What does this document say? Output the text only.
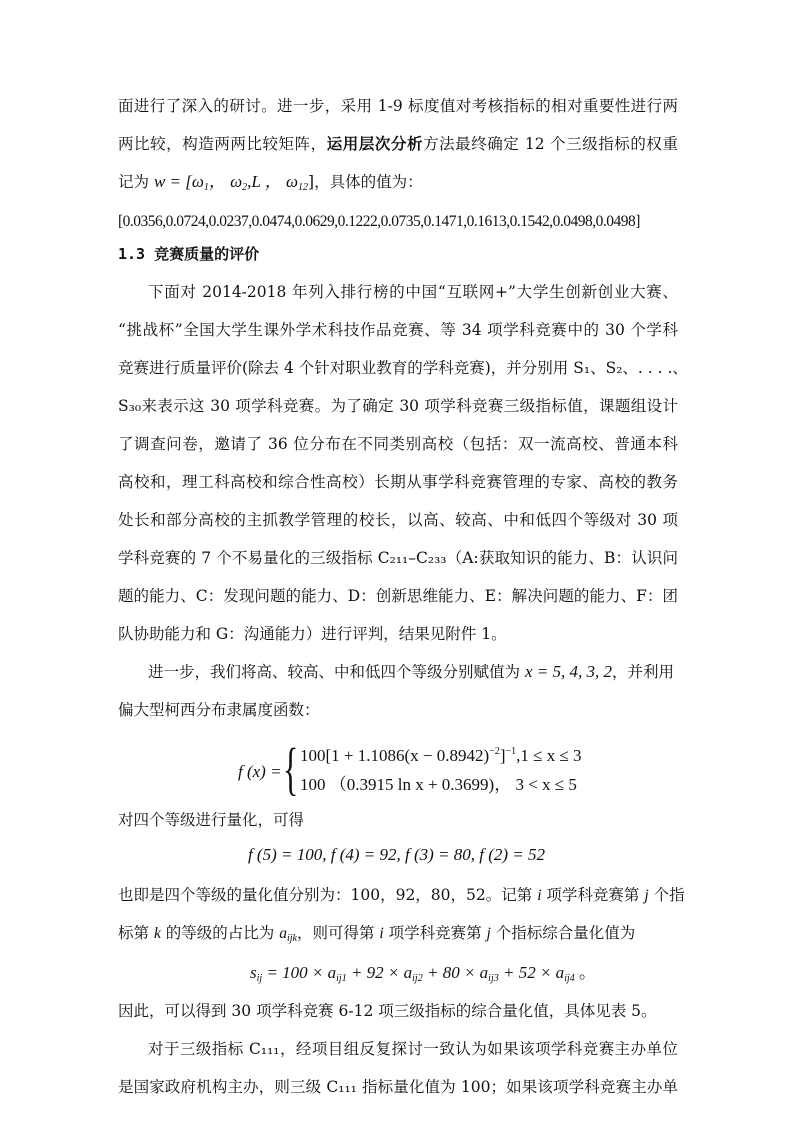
面进行了深入的研讨。进一步，采用 1-9 标度值对考核指标的相对重要性进行两
两比较，构造两两比较矩阵，运用层次分析方法最终确定 12 个三级指标的权重
记为 $w = [\omega_1$， $\omega_2,L$ ， $\omega_{12}$]，具体的值为：
[0.0356,0.0724,0.0237,0.0474,0.0629,0.1222,0.0735,0.1471,0.1613,0.1542,0.0498,0.0498]
1.3 竞赛质量的评价
下面对 2014-2018 年列入排行榜的中国“互联网+”大学生创新创业大赛、
“挑战杯”全国大学生课外学术科技作品竞赛、等 34 项学科竞赛中的 30 个学科
竞赛进行质量评价(除去 4 个针对职业教育的学科竞赛)，并分别用 S₁、S₂、. . . .、
S₃₀来表示这 30 项学科竞赛。为了确定 30 项学科竞赛三级指标值，课题组设计
了调查问卷，邀请了 36 位分布在不同类别高校（包括：双一流高校、普通本科
高校和，理工科高校和综合性高校）长期从事学科竞赛管理的专家、高校的教务
处长和部分高校的主抓教学管理的校长，以高、较高、中和低四个等级对 30 项
学科竞赛的 7 个不易量化的三级指标 C₂₁₁–C₂₃₃（A:获取知识的能力、B：认识问
题的能力、C：发现问题的能力、D：创新思维能力、E：解决问题的能力、F：团
队协助能力和 G：沟通能力）进行评判，结果见附件 1。
进一步，我们将高、较高、中和低四个等级分别赋值为 x = 5, 4, 3, 2，并利用
偏大型柯西分布隶属度函数：
f (x) = { $100[1 + 1.1086(x - 0.8942)^{-2}]^{-1},1 \le x \le 3$
100 （0.3915 ln x + 0.3699)， 3 < x ≤ 5
对四个等级进行量化，可得
f (5) = 100, f (4) = 92, f (3) = 80, f (2) = 52
也即是四个等级的量化值分别为：100，92，80，52。记第 i 项学科竞赛第 j 个指
标第 k 的等级的占比为 $a_{ijk}$，则可得第 i 项学科竞赛第 j 个指标综合量化值为
$s_{ij} = 100 \times a_{ij1} + 92 \times a_{ij2} + 80 \times a_{ij3} + 52 \times a_{ij4}$ 。
因此，可以得到 30 项学科竞赛 6-12 项三级指标的综合量化值，具体见表 5。
对于三级指标 C₁₁₁，经项目组反复探讨一致认为如果该项学科竞赛主办单位
是国家政府机构主办，则三级 C₁₁₁ 指标量化值为 100；如果该项学科竞赛主办单
